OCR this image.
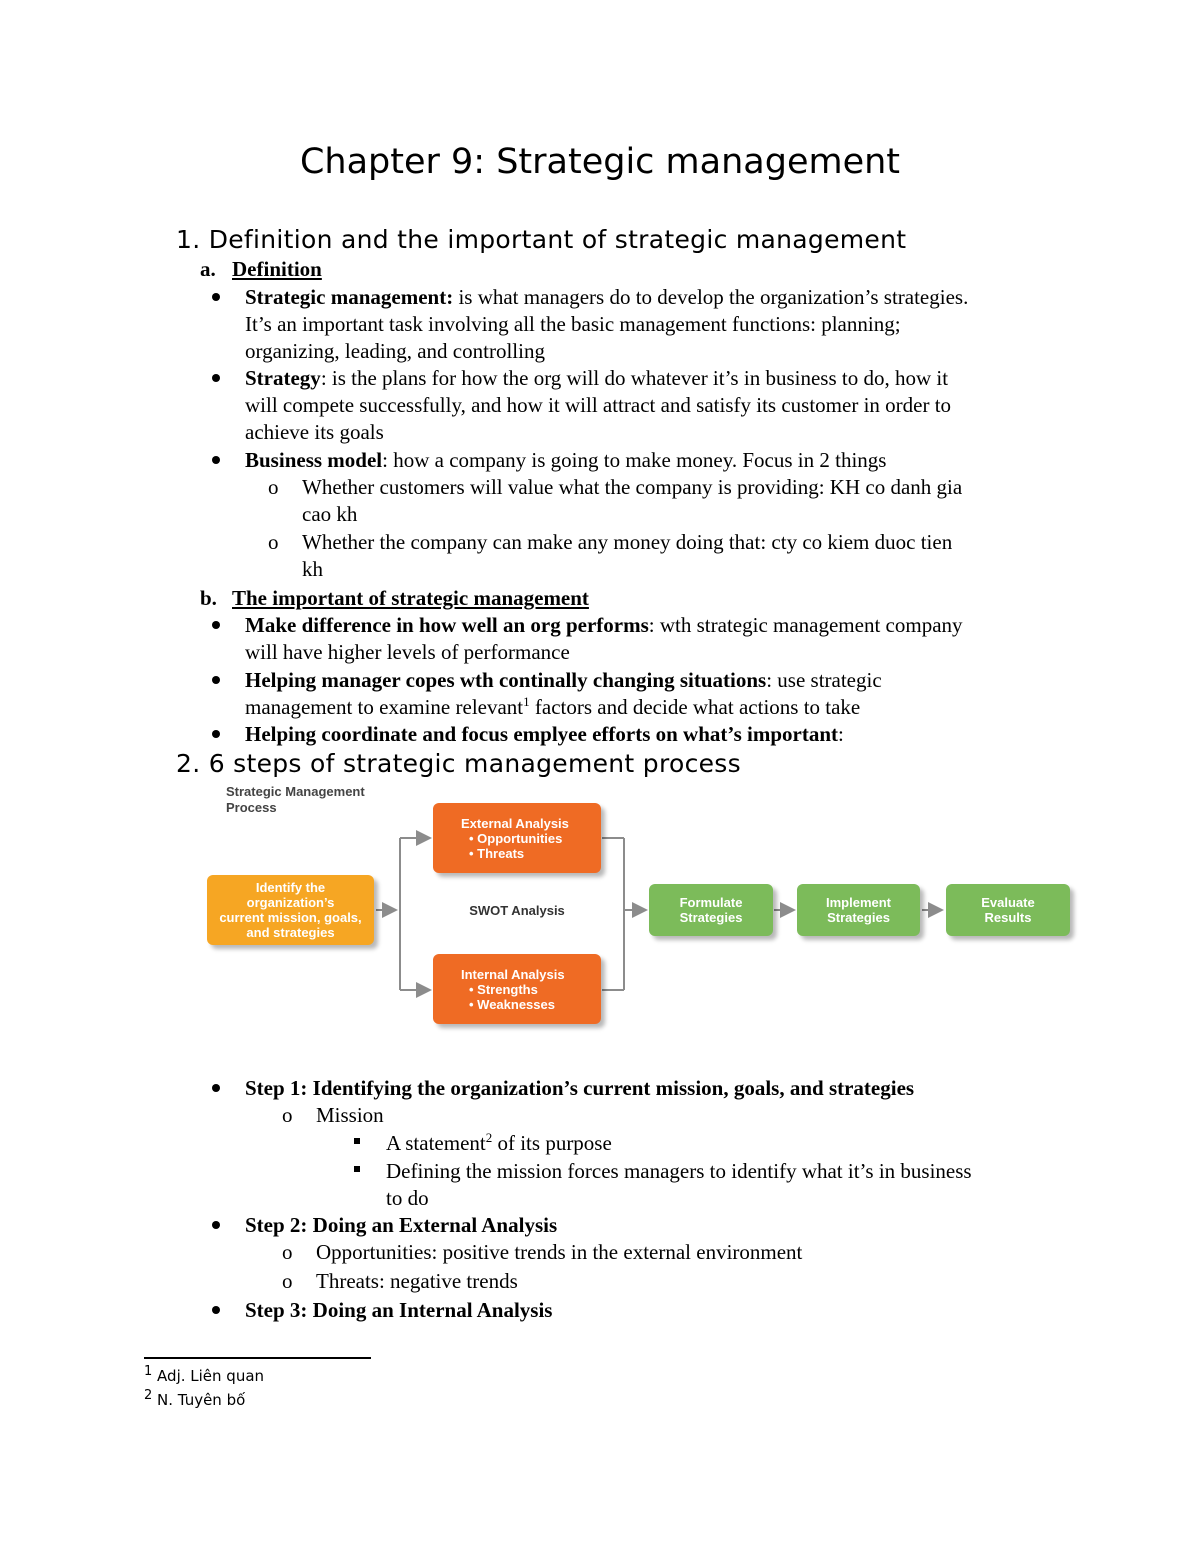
Chapter 9: Strategic management
1. Definition and the important of strategic management
a. Definition
Strategic management: is what managers do to develop the organization’s strategies.
It’s an important task involving all the basic management functions: planning;
organizing, leading, and controlling
Strategy: is the plans for how the org will do whatever it’s in business to do, how it
will compete successfully, and how it will attract and satisfy its customer in order to
achieve its goals
Business model: how a company is going to make money. Focus in 2 things
o Whether customers will value what the company is providing: KH co danh gia
cao kh
o Whether the company can make any money doing that: cty co kiem duoc tien
kh
b. The important of strategic management
Make difference in how well an org performs: wth strategic management company
will have higher levels of performance
Helping manager copes wth continally changing situations: use strategic
management to examine relevant$^1$ factors and decide what actions to take
Helping coordinate and focus emplyee efforts on what’s important:
2. 6 steps of strategic management process
Strategic Management
Process
Identify the
organization’s
current mission, goals,
and strategies
External Analysis
• Opportunities
• Threats
SWOT Analysis
Internal Analysis
• Strengths
• Weaknesses
Formulate
Strategies
Implement
Strategies
Evaluate
Results
Step 1: Identifying the organization’s current mission, goals, and strategies
o Mission
A statement$^2$ of its purpose
Defining the mission forces managers to identify what it’s in business
to do
Step 2: Doing an External Analysis
o Opportunities: positive trends in the external environment
o Threats: negative trends
Step 3: Doing an Internal Analysis
$^1$ Adj. Liên quan
$^2$ N. Tuyên bố
